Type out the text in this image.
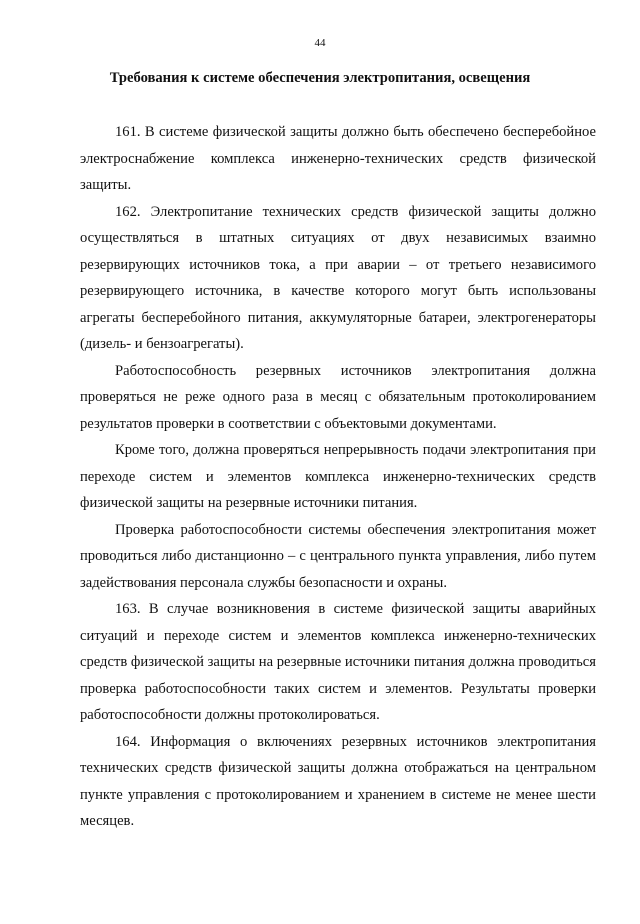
44
Требования к системе обеспечения электропитания, освещения

161. В системе физической защиты должно быть обеспечено бесперебойное электроснабжение комплекса инженерно-технических средств физической защиты.

162. Электропитание технических средств физической защиты должно осуществляться в штатных ситуациях от двух независимых взаимно резервирующих источников тока, а при аварии – от третьего независимого резервирующего источника, в качестве которого могут быть использованы агрегаты бесперебойного питания, аккумуляторные батареи, электрогенераторы (дизель- и бензоагрегаты).

Работоспособность резервных источников электропитания должна проверяться не реже одного раза в месяц с обязательным протоколированием результатов проверки в соответствии с объектовыми документами.

Кроме того, должна проверяться непрерывность подачи электропитания при переходе систем и элементов комплекса инженерно-технических средств физической защиты на резервные источники питания.

Проверка работоспособности системы обеспечения электропитания может проводиться либо дистанционно – с центрального пункта управления, либо путем задействования персонала службы безопасности и охраны.

163. В случае возникновения в системе физической защиты аварийных ситуаций и переходе систем и элементов комплекса инженерно-технических средств физической защиты на резервные источники питания должна проводиться проверка работоспособности таких систем и элементов. Результаты проверки работоспособности должны протоколироваться.

164. Информация о включениях резервных источников электропитания технических средств физической защиты должна отображаться на центральном пункте управления с протоколированием и хранением в системе не менее шести месяцев.
